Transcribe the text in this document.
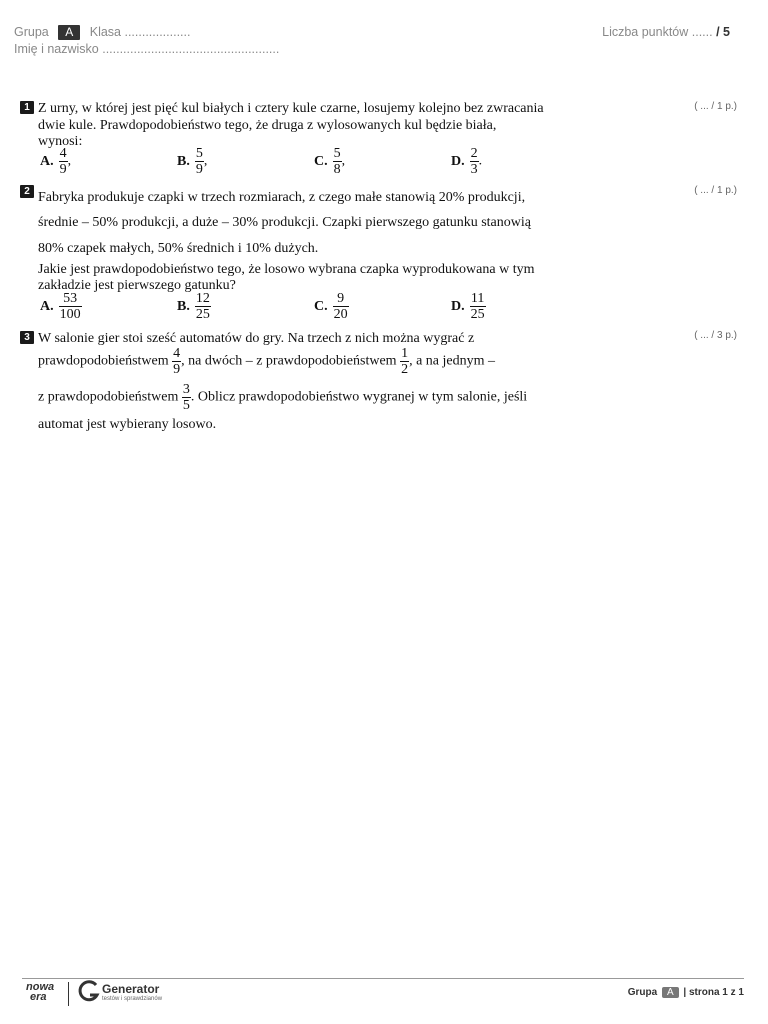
Grupa A Klasa ...................
Imię i nazwisko ...................................................
Liczba punktów ...... / 5
1	( ... / 1 p.)
Z urny, w której jest pięć kul białych i cztery kule czarne, losujemy kolejno bez zwracania
dwie kule. Prawdopodobieństwo tego, że druga z wylosowanych kul będzie biała,
wynosi:
A. $\frac{4}{9}$ ,	B. $\frac{5}{9}$ ,	C. $\frac{5}{8}$ ,	D. $\frac{2}{3}$ .
2	( ... / 1 p.)
Fabryka produkuje czapki w trzech rozmiarach, z czego małe stanowią 20% produkcji,
średnie – 50% produkcji, a duże – 30% produkcji. Czapki pierwszego gatunku stanowią
80% czapek małych, 50% średnich i 10% dużych.
Jakie jest prawdopodobieństwo tego, że losowo wybrana czapka wyprodukowana w tym
zakładzie jest pierwszego gatunku?
A. $\frac{53}{100}$	B. $\frac{12}{25}$	C. $\frac{9}{20}$	D. $\frac{11}{25}$
3	( ... / 3 p.)
W salonie gier stoi sześć automatów do gry. Na trzech z nich można wygrać z
prawdopodobieństwem $\frac{4}{9}$ , na dwóch – z prawdopodobieństwem $\frac{1}{2}$ , a na jednym –
z prawdopodobieństwem $\frac{3}{5}$ . Oblicz prawdopodobieństwo wygranej w tym salonie, jeśli
automat jest wybierany losowo.
nowa
era
Generator
testów i sprawdzianów
Grupa A | strona 1 z 1
